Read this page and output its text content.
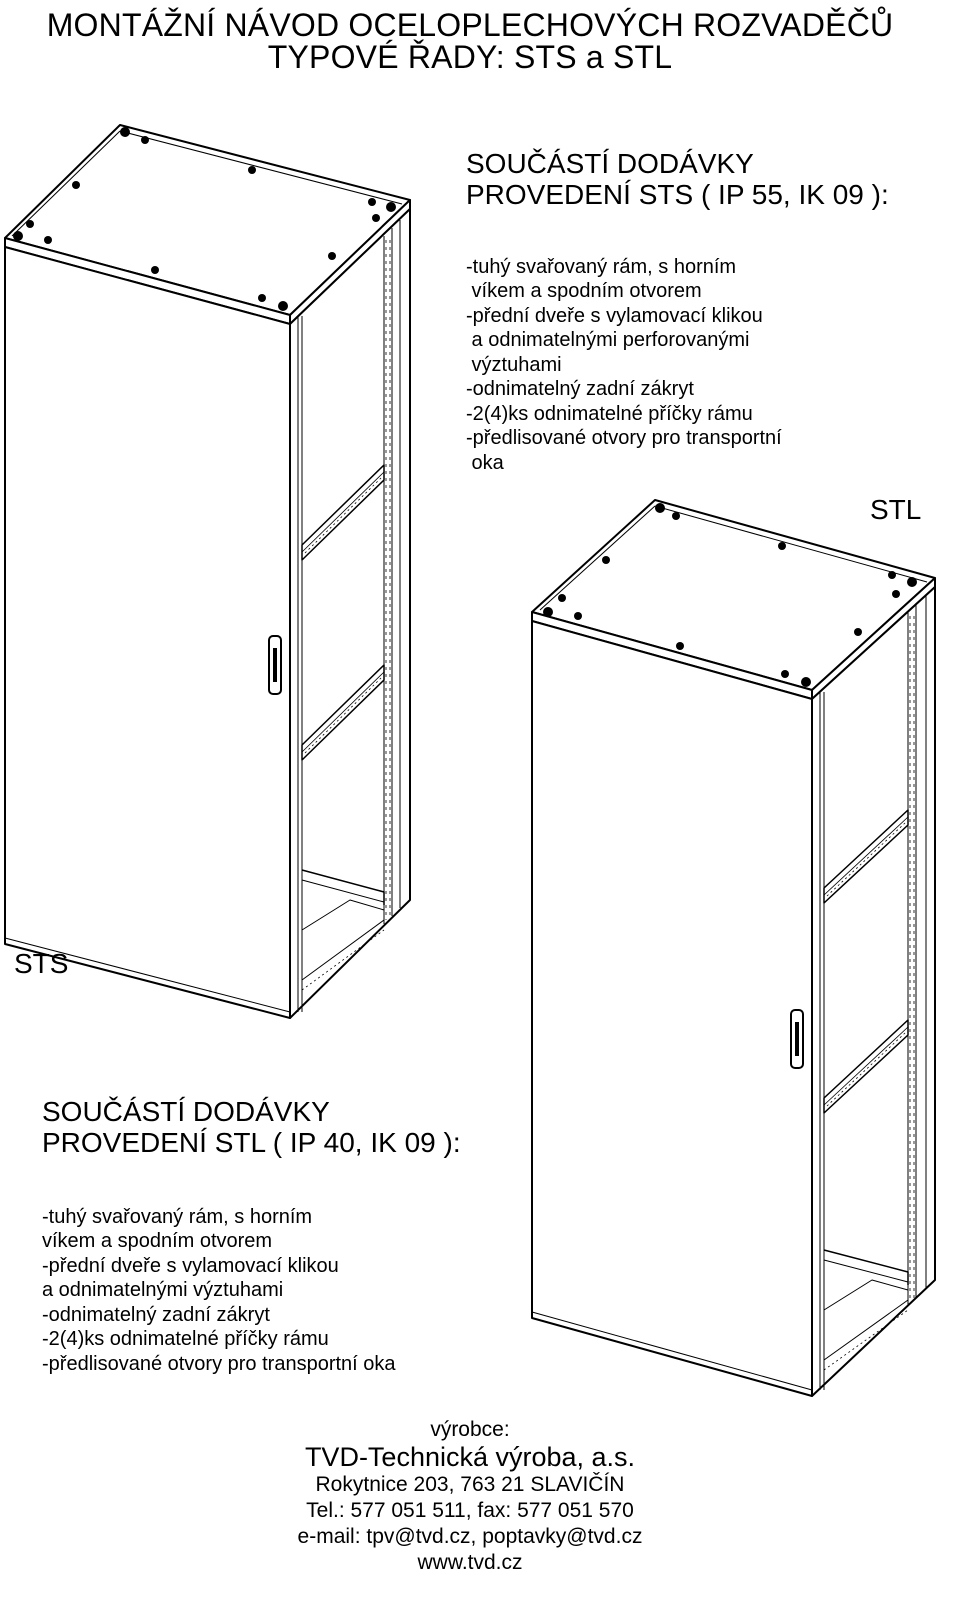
MONTÁŽNÍ NÁVOD OCELOPLECHOVÝCH ROZVADĚČŮ
TYPOVÉ ŘADY: STS a STL
SOUČÁSTÍ DODÁVKY
PROVEDENÍ STS ( IP 55, IK 09 ):

-tuhý svařovaný rám, s horním
víkem a spodním otvorem
-přední dveře s vylamovací klikou
a odnimatelnými perforovanými
výztuhami
-odnimatelný zadní zákryt
-2(4)ks odnimatelné příčky rámu
-předlisované otvory pro transportní
oka

STL
STS
SOUČÁSTÍ DODÁVKY
PROVEDENÍ STL ( IP 40, IK 09 ):

-tuhý svařovaný rám, s horním
víkem a spodním otvorem
-přední dveře s vylamovací klikou
a odnimatelnými výztuhami
-odnimatelný zadní zákryt
-2(4)ks odnimatelné příčky rámu
-předlisované otvory pro transportní oka

výrobce:
TVD-Technická výroba, a.s.
Rokytnice 203, 763 21 SLAVIČÍN
Tel.: 577 051 511, fax: 577 051 570
e-mail: tpv@tvd.cz, poptavky@tvd.cz
www.tvd.cz
